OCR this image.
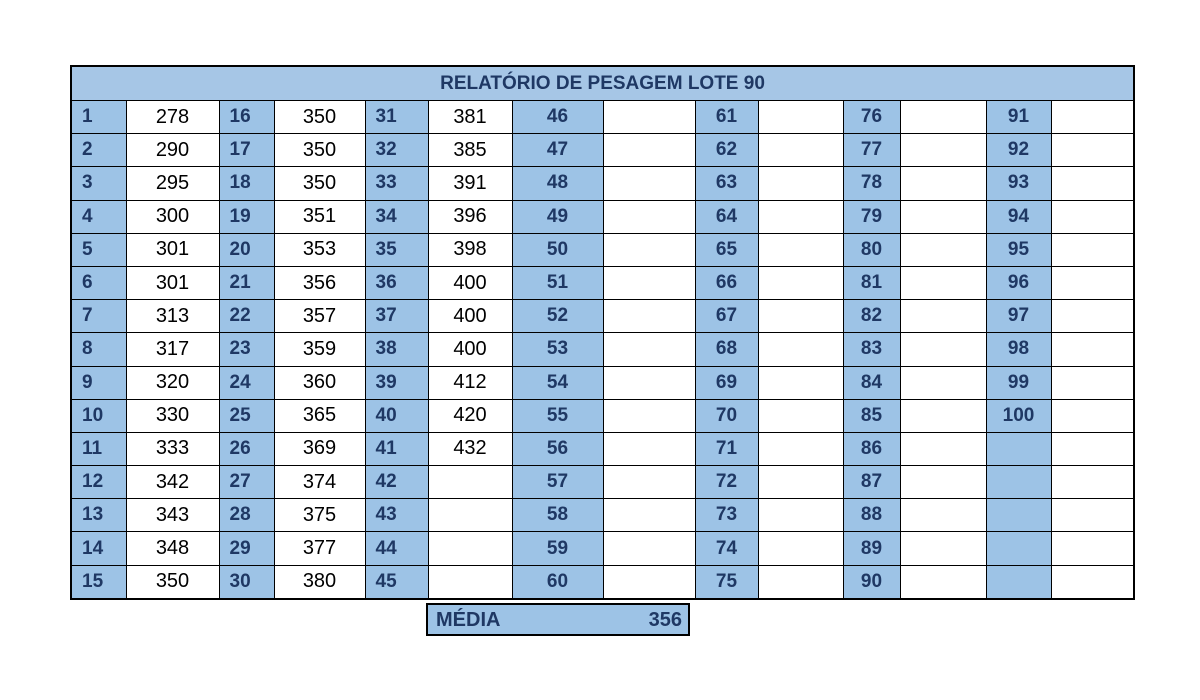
RELATÓRIO DE PESAGEM LOTE 90													
1	278	16	350	31	381	46		61		76		91	
2	290	17	350	32	385	47		62		77		92	
3	295	18	350	33	391	48		63		78		93	
4	300	19	351	34	396	49		64		79		94	
5	301	20	353	35	398	50		65		80		95	
6	301	21	356	36	400	51		66		81		96	
7	313	22	357	37	400	52		67		82		97	
8	317	23	359	38	400	53		68		83		98	
9	320	24	360	39	412	54		69		84		99	
10	330	25	365	40	420	55		70		85		100	
11	333	26	369	41	432	56		71		86			
12	342	27	374	42		57		72		87			
13	343	28	375	43		58		73		88			
14	348	29	377	44		59		74		89			
15	350	30	380	45		60		75		90			
MÉDIA	356
